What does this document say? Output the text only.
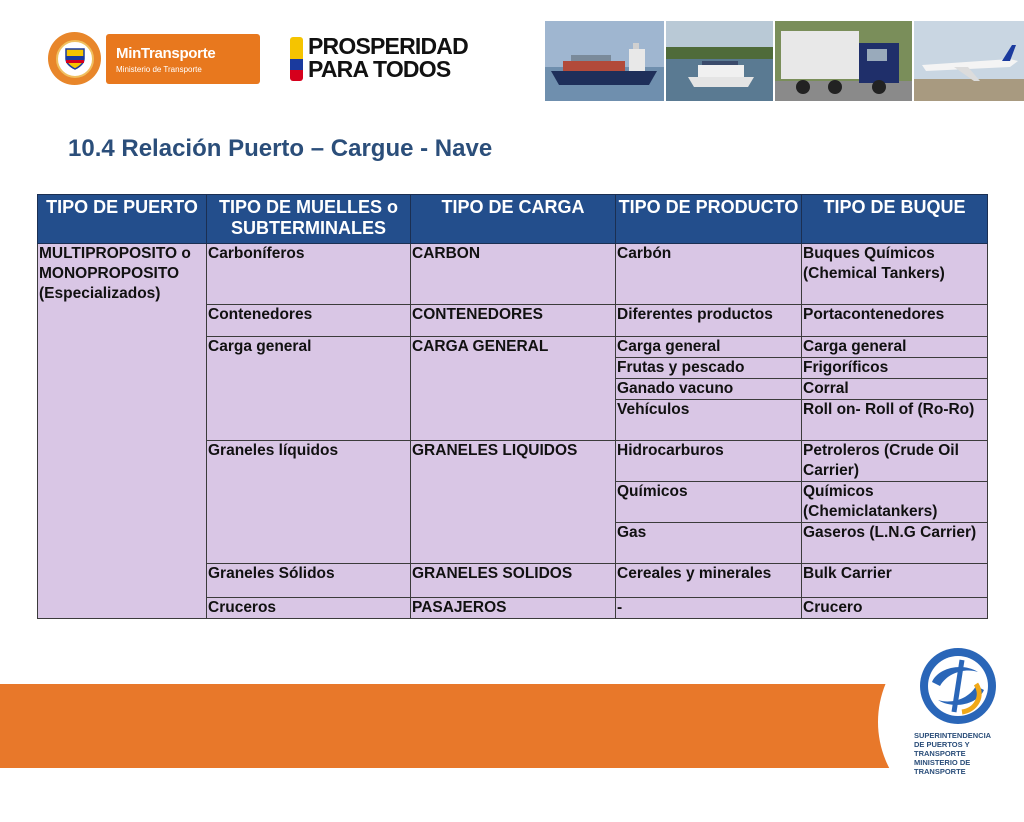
MinTransporte
Ministerio de Transporte
PROSPERIDAD
PARA TODOS
10.4 Relación Puerto – Cargue - Nave
TIPO DE PUERTO	TIPO DE MUELLES o SUBTERMINALES	TIPO DE CARGA	TIPO DE PRODUCTO	TIPO DE BUQUE
MULTIPROPOSITO o MONOPROPOSITO (Especializados)	Carboníferos	CARBON	Carbón	Buques Químicos (Chemical Tankers)
	Contenedores	CONTENEDORES	Diferentes productos	Portacontenedores
	Carga general	CARGA GENERAL	Carga general	Carga general
			Frutas y pescado	Frigoríficos
			Ganado vacuno	Corral
			Vehículos	Roll on- Roll of (Ro-Ro)
	Graneles líquidos	GRANELES LIQUIDOS	Hidrocarburos	Petroleros (Crude Oil Carrier)
			Químicos	Químicos (Chemiclatankers)
			Gas	Gaseros (L.N.G Carrier)
	Graneles Sólidos	GRANELES SOLIDOS	Cereales y minerales	Bulk Carrier
	Cruceros	PASAJEROS	-	Crucero
SUPERINTENDENCIA
DE PUERTOS Y TRANSPORTE
MINISTERIO DE TRANSPORTE
